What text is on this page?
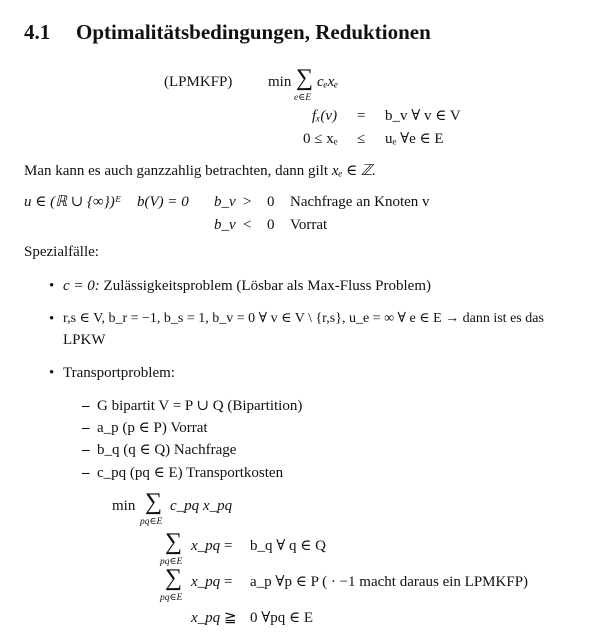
4.1 Optimalitätsbedingungen, Reduktionen
(LPMKFP) min ∑
e∈E
cₑxₑ
fₓ(v) = b_v ∀ v ∈ V
0 ≤ xₑ ≤ uₑ ∀e ∈ E
Man kann es auch ganzzahlig betrachten, dann gilt xₑ ∈ ℤ.
u ∈ (ℝ ∪ {∞})ᴱ b(V) = 0 b_v > 0 Nachfrage an Knoten v
b_v < 0 Vorrat
Spezialfälle:
• c = 0: Zulässigkeitsproblem (Lösbar als Max-Fluss Problem)
• r,s ∈ V, b_r = −1, b_s = 1, b_v = 0 ∀ v ∈ V \ {r,s}, u_e = ∞ ∀ e ∈ E → dann ist es das
LPKW
• Transportproblem:
– G bipartit V = P ∪ Q (Bipartition)
– a_p (p ∈ P) Vorrat
– b_q (q ∈ Q) Nachfrage
– c_pq (pq ∈ E) Transportkosten
min ∑
pq∈E
c_pq x_pq
∑
pq∈E
x_pq = b_q ∀ q ∈ Q
∑
pq∈E
x_pq = a_p ∀p ∈ P ( · −1 macht daraus ein LPMKFP)
x_pq ≧ 0 ∀pq ∈ E
